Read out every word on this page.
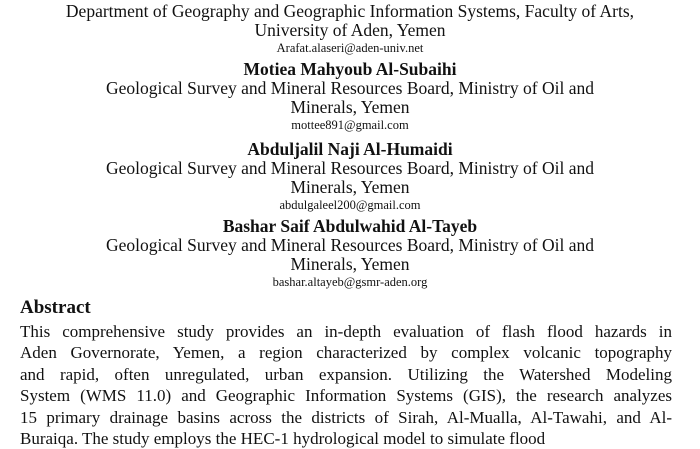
Department of Geography and Geographic Information Systems, Faculty of Arts,
University of Aden, Yemen
Arafat.alaseri@aden-univ.net
Motiea Mahyoub Al-Subaihi
Geological Survey and Mineral Resources Board, Ministry of Oil and
Minerals, Yemen
mottee891@gmail.com
Abduljalil Naji Al-Humaidi
Geological Survey and Mineral Resources Board, Ministry of Oil and
Minerals, Yemen
abdulgaleel200@gmail.com
Bashar Saif Abdulwahid Al-Tayeb
Geological Survey and Mineral Resources Board, Ministry of Oil and
Minerals, Yemen
bashar.altayeb@gsmr-aden.org
Abstract
This comprehensive study provides an in-depth evaluation of flash flood hazards in
Aden Governorate, Yemen, a region characterized by complex volcanic topography
and rapid, often unregulated, urban expansion. Utilizing the Watershed Modeling
System (WMS 11.0) and Geographic Information Systems (GIS), the research analyzes
15 primary drainage basins across the districts of Sirah, Al-Mualla, Al-Tawahi, and Al-
Buraiqa. The study employs the HEC-1 hydrological model to simulate flood
